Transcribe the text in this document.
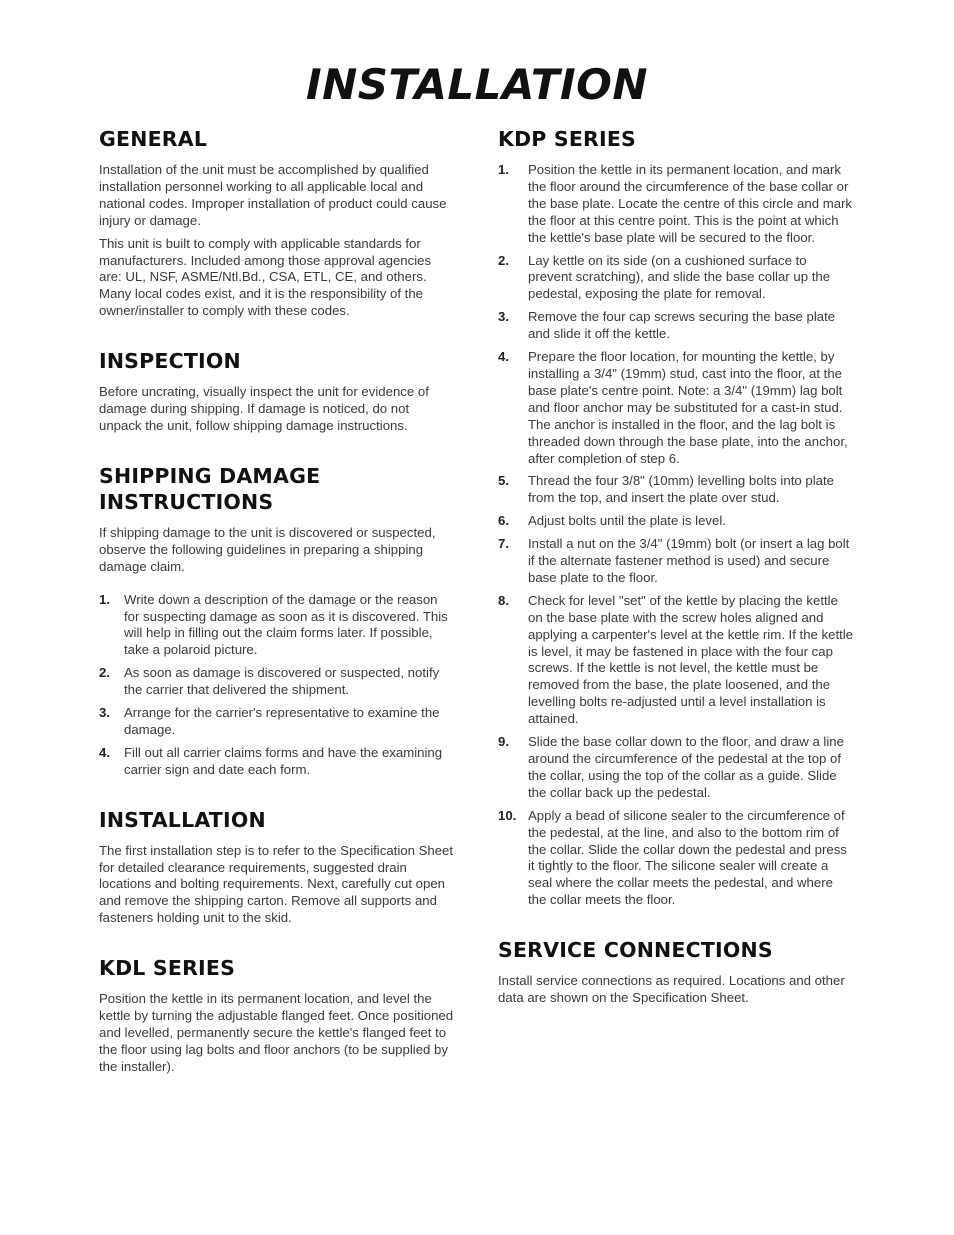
INSTALLATION
GENERAL

Installation of the unit must be accomplished by qualified installation personnel working to all applicable local and national codes. Improper installation of product could cause injury or damage.

This unit is built to comply with applicable standards for manufacturers. Included among those approval agencies are: UL, NSF, ASME/Ntl.Bd., CSA, ETL, CE, and others. Many local codes exist, and it is the responsibility of the owner/installer to comply with these codes.

INSPECTION

Before uncrating, visually inspect the unit for evidence of damage during shipping. If damage is noticed, do not unpack the unit, follow shipping damage instructions.

SHIPPING DAMAGE
INSTRUCTIONS

If shipping damage to the unit is discovered or suspected, observe the following guidelines in preparing a shipping damage claim.

1. Write down a description of the damage or the reason for suspecting damage as soon as it is discovered. This will help in filling out the claim forms later. If possible, take a polaroid picture.
2. As soon as damage is discovered or suspected, notify the carrier that delivered the shipment.
3. Arrange for the carrier's representative to examine the damage.
4. Fill out all carrier claims forms and have the examining carrier sign and date each form.
INSTALLATION

The first installation step is to refer to the Specification Sheet for detailed clearance requirements, suggested drain locations and bolting requirements. Next, carefully cut open and remove the shipping carton. Remove all supports and fasteners holding unit to the skid.

KDL SERIES

Position the kettle in its permanent location, and level the kettle by turning the adjustable flanged feet. Once positioned and levelled, permanently secure the kettle's flanged feet to the floor using lag bolts and floor anchors (to be supplied by the installer).

KDP SERIES
1. Position the kettle in its permanent location, and mark the floor around the circumference of the base collar or the base plate. Locate the centre of this circle and mark the floor at this centre point. This is the point at which the kettle's base plate will be secured to the floor.
2. Lay kettle on its side (on a cushioned surface to prevent scratching), and slide the base collar up the pedestal, exposing the plate for removal.
3. Remove the four cap screws securing the base plate and slide it off the kettle.
4. Prepare the floor location, for mounting the kettle, by installing a 3/4" (19mm) stud, cast into the floor, at the base plate's centre point. Note: a 3/4" (19mm) lag bolt and floor anchor may be substituted for a cast-in stud. The anchor is installed in the floor, and the lag bolt is threaded down through the base plate, into the anchor, after completion of step 6.
5. Thread the four 3/8" (10mm) levelling bolts into plate from the top, and insert the plate over stud.
6. Adjust bolts until the plate is level.
7. Install a nut on the 3/4" (19mm) bolt (or insert a lag bolt if the alternate fastener method is used) and secure base plate to the floor.
8. Check for level "set" of the kettle by placing the kettle on the base plate with the screw holes aligned and applying a carpenter's level at the kettle rim. If the kettle is level, it may be fastened in place with the four cap screws. If the kettle is not level, the kettle must be removed from the base, the plate loosened, and the levelling bolts re-adjusted until a level installation is attained.
9. Slide the base collar down to the floor, and draw a line around the circumference of the pedestal at the top of the collar, using the top of the collar as a guide. Slide the collar back up the pedestal.
10. Apply a bead of silicone sealer to the circumference of the pedestal, at the line, and also to the bottom rim of the collar. Slide the collar down the pedestal and press it tightly to the floor. The silicone sealer will create a seal where the collar meets the pedestal, and where the collar meets the floor.
SERVICE CONNECTIONS

Install service connections as required. Locations and other data are shown on the Specification Sheet.
